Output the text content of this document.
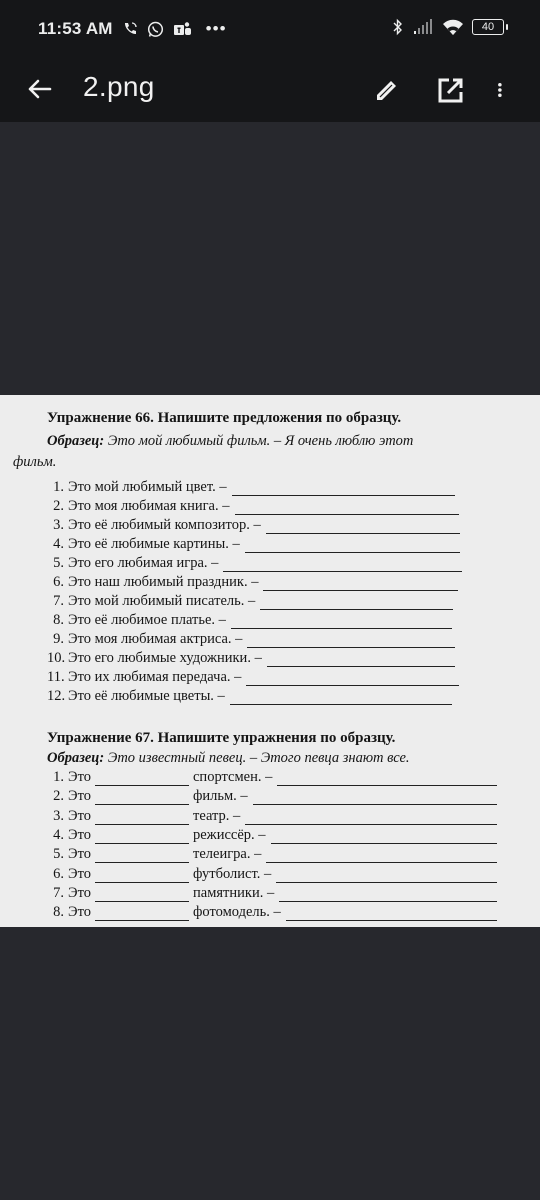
11:53 AM	•••	40
2.png
Упражнение 66. Напишите предложения по образцу.
Образец: Это мой любимый фильм. – Я очень люблю этот
фильм.
1. Это мой любимый цвет. –
2. Это моя любимая книга. –
3. Это её любимый композитор. –
4. Это её любимые картины. –
5. Это его любимая игра. –
6. Это наш любимый праздник. –
7. Это мой любимый писатель. –
8. Это её любимое платье. –
9. Это моя любимая актриса. –
10. Это его любимые художники. –
11. Это их любимая передача. –
12. Это её любимые цветы. –
Упражнение 67. Напишите упражнения по образцу.
Образец: Это известный певец. – Этого певца знают все.
1. Это	спортсмен. –
2. Это	фильм. –
3. Это	театр. –
4. Это	режиссёр. –
5. Это	телеигра. –
6. Это	футболист. –
7. Это	памятники. –
8. Это	фотомодель. –
